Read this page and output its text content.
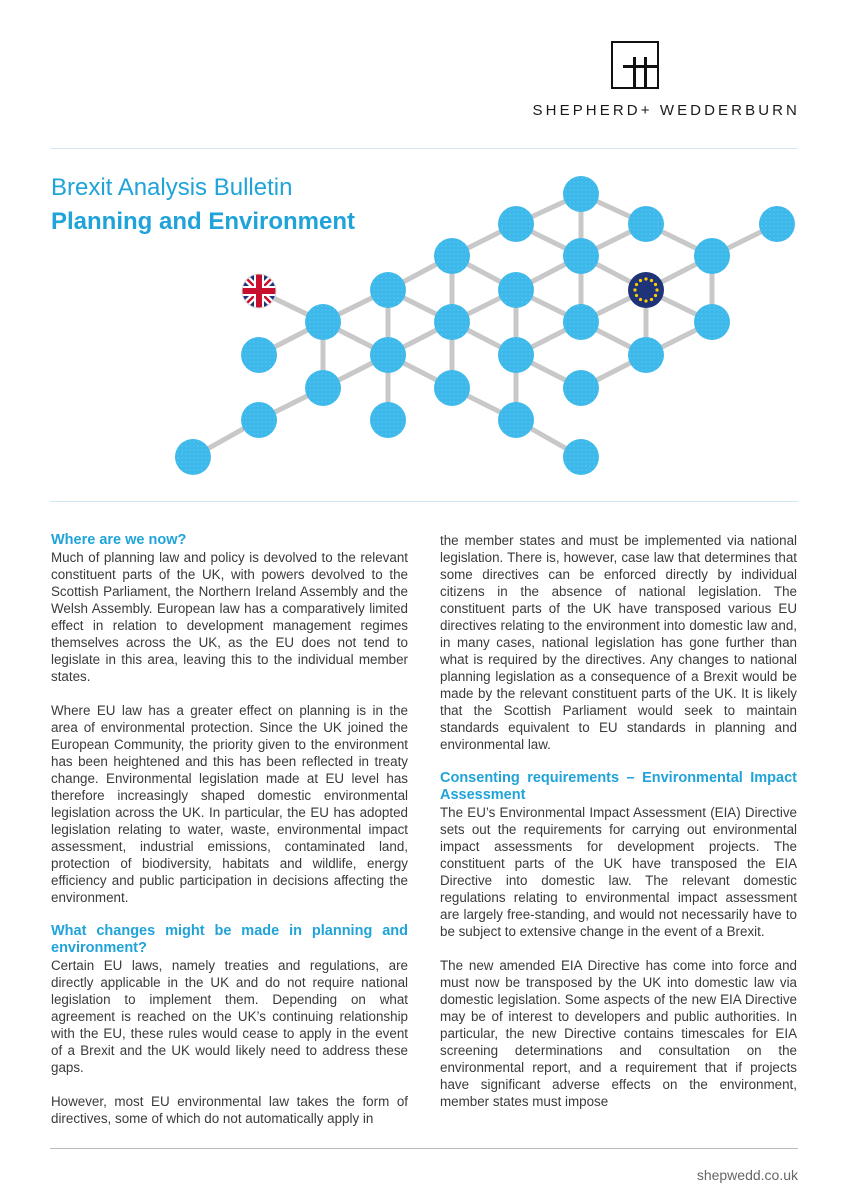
SHEPHERD+ WEDDERBURN
Brexit Analysis Bulletin
Planning and Environment
Where are we now?

Much of planning law and policy is devolved to the relevant constituent parts of the UK, with powers devolved to the Scottish Parliament, the Northern Ireland Assembly and the Welsh Assembly. European law has a comparatively limited effect in relation to development management regimes themselves across the UK, as the EU does not tend to legislate in this area, leaving this to the individual member states.

Where EU law has a greater effect on planning is in the area of environmental protection. Since the UK joined the European Community, the priority given to the environment has been heightened and this has been reflected in treaty change. Environmental legislation made at EU level has therefore increasingly shaped domestic environmental legislation across the UK. In particular, the EU has adopted legislation relating to water, waste, environmental impact assessment, industrial emissions, contaminated land, protection of biodiversity, habitats and wildlife, energy efficiency and public participation in decisions affecting the environment.

What changes might be made in planning and environment?

Certain EU laws, namely treaties and regulations, are directly applicable in the UK and do not require national legislation to implement them. Depending on what agreement is reached on the UK’s continuing relationship with the EU, these rules would cease to apply in the event of a Brexit and the UK would likely need to address these gaps.

However, most EU environmental law takes the form of directives, some of which do not automatically apply in

the member states and must be implemented via national legislation. There is, however, case law that determines that some directives can be enforced directly by individual citizens in the absence of national legislation. The constituent parts of the UK have transposed various EU directives relating to the environment into domestic law and, in many cases, national legislation has gone further than what is required by the directives. Any changes to national planning legislation as a consequence of a Brexit would be made by the relevant constituent parts of the UK. It is likely that the Scottish Parliament would seek to maintain standards equivalent to EU standards in planning and environmental law.

Consenting requirements – Environmental Impact Assessment

The EU’s Environmental Impact Assessment (EIA) Directive sets out the requirements for carrying out environmental impact assessments for development projects. The constituent parts of the UK have transposed the EIA Directive into domestic law. The relevant domestic regulations relating to environmental impact assessment are largely free-standing, and would not necessarily have to be subject to extensive change in the event of a Brexit.

The new amended EIA Directive has come into force and must now be transposed by the UK into domestic law via domestic legislation. Some aspects of the new EIA Directive may be of interest to developers and public authorities. In particular, the new Directive contains timescales for EIA screening determinations and consultation on the environmental report, and a requirement that if projects have significant adverse effects on the environment, member states must impose

shepwedd.co.uk
